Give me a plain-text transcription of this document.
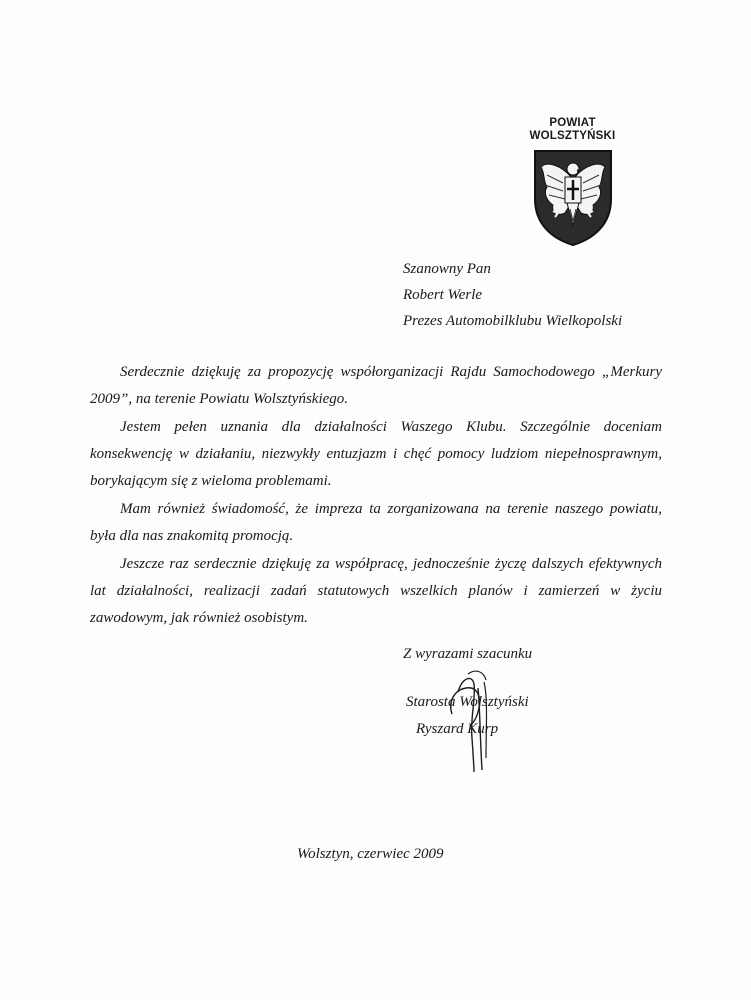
POWIAT
WOLSZTYŃSKI
Szanowny Pan
Robert Werle
Prezes Automobilklubu Wielkopolski

Serdecznie dziękuję za propozycję współorganizacji Rajdu Samochodowego „Merkury 2009”, na terenie Powiatu Wolsztyńskiego.

Jestem pełen uznania dla działalności Waszego Klubu. Szczególnie doceniam konsekwencję w działaniu, niezwykły entuzjazm i chęć pomocy ludziom niepełnosprawnym, borykającym się z wieloma problemami.

Mam również świadomość, że impreza ta zorganizowana na terenie naszego powiatu, była dla nas znakomitą promocją.

Jeszcze raz serdecznie dziękuję za współpracę, jednocześnie życzę dalszych efektywnych lat działalności, realizacji zadań statutowych wszelkich planów i zamierzeń w życiu zawodowym, jak również osobistym.

Z wyrazami szacunku
Starosta Wolsztyński
Ryszard Kurp
Wolsztyn, czerwiec 2009
